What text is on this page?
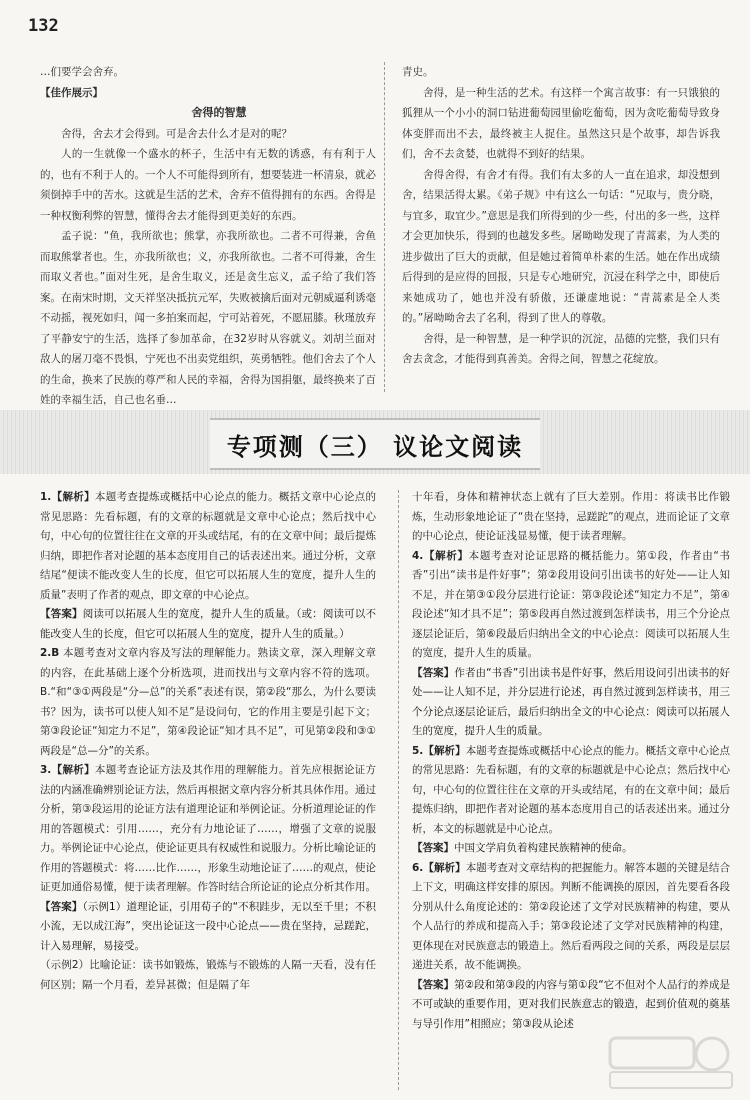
132

…们要学会舍弃。

【佳作展示】

舍得的智慧

舍得，舍去才会得到。可是舍去什么才是对的呢？

人的一生就像一个盛水的杯子，生活中有无数的诱惑，有有利于人的，也有不利于人的。一个人不可能得到所有，想要装进一杯清泉，就必须倒掉手中的苦水。这就是生活的艺术，舍弃不值得拥有的东西。舍得是一种权衡利弊的智慧，懂得舍去才能得到更美好的东西。

孟子说：“鱼，我所欲也；熊掌，亦我所欲也。二者不可得兼，舍鱼而取熊掌者也。生，亦我所欲也；义，亦我所欲也。二者不可得兼，舍生而取义者也。”面对生死，是舍生取义，还是贪生忘义，孟子给了我们答案。在南宋时期，文天祥坚决抵抗元军，失败被擒后面对元朝威逼利诱毫不动摇，视死如归，闻一多拍案而起，宁可站着死，不愿屈膝。秋瑾放弃了平静安宁的生活，选择了参加革命，在32岁时从容就义。刘胡兰面对敌人的屠刀毫不畏惧，宁死也不出卖党组织，英勇牺牲。他们舍去了个人的生命，换来了民族的尊严和人民的幸福，舍得为国捐躯，最终换来了百姓的幸福生活，自己也名垂…

青史。

舍得，是一种生活的艺术。有这样一个寓言故事：有一只饿狼的狐狸从一个小小的洞口钻进葡萄园里偷吃葡萄，因为贪吃葡萄导致身体变胖而出不去，最终被主人捉住。虽然这只是个故事，却告诉我们，舍不去贪婪，也就得不到好的结果。

舍得舍得，有舍才有得。我们有太多的人一直在追求，却没想到舍，结果活得太累。《弟子规》中有这么一句话：“兄取与，贵分晓，与宜多，取宜少。”意思是我们所得到的少一些，付出的多一些，这样才会更加快乐，得到的也越发多些。屠呦呦发现了青蒿素，为人类的进步做出了巨大的贡献，但是她过着简单朴素的生活。她在作出成绩后得到的是应得的回报，只是专心地研究，沉浸在科学之中，即使后来她成功了，她也并没有骄傲，还谦虚地说：“青蒿素是全人类的。”屠呦呦舍去了名利，得到了世人的尊敬。

舍得，是一种智慧，是一种学识的沉淀，品德的完整，我们只有舍去贪念，才能得到真善美。舍得之间，智慧之花绽放。

专项测（三） 议论文阅读
1.【解析】本题考查提炼或概括中心论点的能力。概括文章中心论点的常见思路：先看标题，有的文章的标题就是文章中心论点；然后找中心句，中心句的位置往往在文章的开头或结尾，有的在文章中间；最后提炼归纳，即把作者对论题的基本态度用自己的话表述出来。通过分析，文章结尾“便读不能改变人生的长度，但它可以拓展人生的宽度，提升人生的质量”表明了作者的观点，即文章的中心论点。
【答案】阅读可以拓展人生的宽度，提升人生的质量。（或：阅读可以不能改变人生的长度，但它可以拓展人生的宽度，提升人生的质量。）
2.B 本题考查对文章内容及写法的理解能力。熟读文章，深入理解文章的内容，在此基础上逐个分析选项，进而找出与文章内容不符的选项。B.“和“③①两段是“分—总”的关系”表述有误，第②段“那么，为什么要读书？因为，读书可以使人知不足”是设问句，它的作用主要是引起下文；第③段论证“知定力不足”，第④段论证“知才具不足”，可见第②段和③①两段是“总—分”的关系。
3.【解析】本题考查论证方法及其作用的理解能力。首先应根据论证方法的内涵准确辨别论证方法，然后再根据文章内容分析其具体作用。通过分析，第③段运用的论证方法有道理论证和举例论证。分析道理论证的作用的答题模式：引用……，充分有力地论证了……，增强了文章的说服力。举例论证中心论点，使论证更具有权威性和说服力。分析比喻论证的作用的答题模式：将……比作……，形象生动地论证了……的观点，使论证更加通俗易懂，便于读者理解。作答时结合所论证的论点分析其作用。
【答案】（示例1）道理论证，引用荀子的“不积跬步，无以至千里；不积小流，无以成江海”，突出论证这一段中心论点——贵在坚持，忌蹉跎，计入易理解，易接受。
（示例2）比喻论证：读书如锻炼，锻炼与不锻炼的人隔一天看，没有任何区别；隔一个月看，差异甚微；但是隔了年
十年看，身体和精神状态上就有了巨大差别。作用：将读书比作锻炼，生动形象地论证了“贵在坚持，忌蹉跎”的观点，进而论证了文章的中心论点，使论证浅显易懂，便于读者理解。
4.【解析】本题考查对论证思路的概括能力。第①段，作者由“书香”引出“读书是件好事”；第②段用设问引出读书的好处——让人知不足，并在第③①段分层进行论证：第③段论述“知定力不足”，第④段论述“知才具不足”；第⑤段再自然过渡到怎样读书，用三个分论点逐层论证后，第⑥段最后归纳出全文的中心论点：阅读可以拓展人生的宽度，提升人生的质量。
【答案】作者由“书香”引出读书是件好事，然后用设问引出读书的好处——让人知不足，并分层进行论述，再自然过渡到怎样读书，用三个分论点逐层论证后，最后归纳出全文的中心论点：阅读可以拓展人生的宽度，提升人生的质量。
5.【解析】本题考查提炼或概括中心论点的能力。概括文章中心论点的常见思路：先看标题，有的文章的标题就是中心论点；然后找中心句，中心句的位置往往在文章的开头或结尾，有的在文章中间；最后提炼归纳，即把作者对论题的基本态度用自己的话表述出来。通过分析，本文的标题就是中心论点。
【答案】中国文学肩负着构建民族精神的使命。
6.【解析】本题考查对文章结构的把握能力。解答本题的关键是结合上下文，明确这样安排的原因。判断不能调换的原因，首先要看各段分别从什么角度论述的：第②段论述了文学对民族精神的构建，要从个人品行的养成和提高入手；第③段论述了文学对民族精神的构建，更体现在对民族意志的锻造上。然后看两段之间的关系，两段是层层递进关系，故不能调换。
【答案】第②段和第③段的内容与第①段“它不但对个人品行的养成是不可或缺的重要作用，更对我们民族意志的锻造，起到价值观的奠基与导引作用”相照应；第③段从论述
